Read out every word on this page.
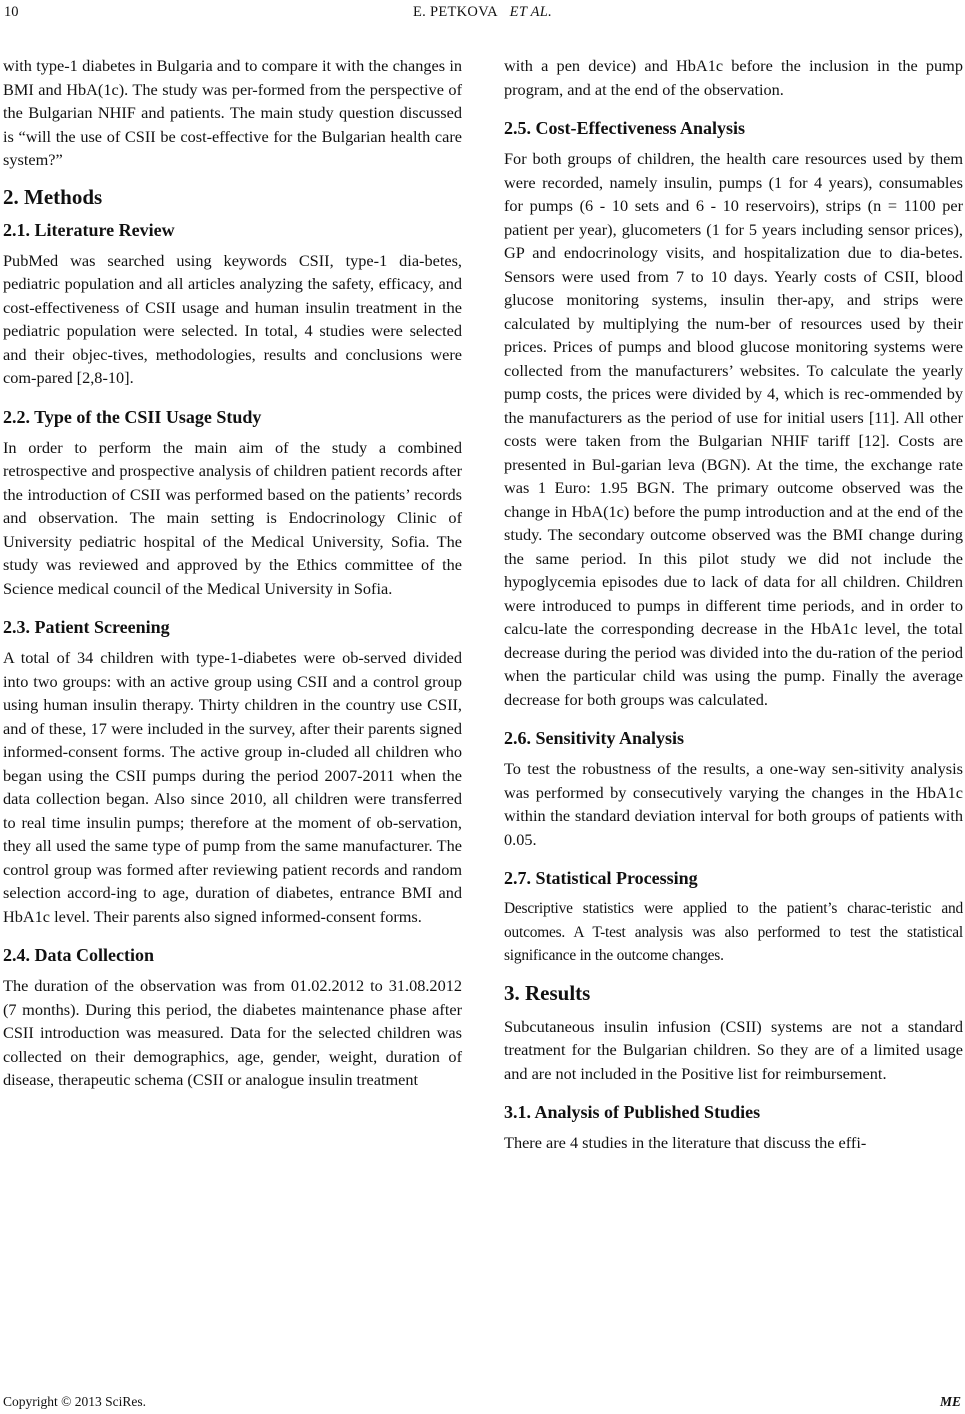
10	E. PETKOVA ET AL.

with type-1 diabetes in Bulgaria and to compare it with the changes in BMI and HbA(1c). The study was per-formed from the perspective of the Bulgarian NHIF and patients. The main study question discussed is “will the use of CSII be cost-effective for the Bulgarian health care system?”

2. Methods
2.1. Literature Review

PubMed was searched using keywords CSII, type-1 dia-betes, pediatric population and all articles analyzing the safety, efficacy, and cost-effectiveness of CSII usage and human insulin treatment in the pediatric population were selected. In total, 4 studies were selected and their objec-tives, methodologies, results and conclusions were com-pared [2,8-10].

2.2. Type of the CSII Usage Study

In order to perform the main aim of the study a combined retrospective and prospective analysis of children patient records after the introduction of CSII was performed based on the patients’ records and observation. The main setting is Endocrinology Clinic of University pediatric hospital of the Medical University, Sofia. The study was reviewed and approved by the Ethics committee of the Science medical council of the Medical University in Sofia.

2.3. Patient Screening

A total of 34 children with type-1-diabetes were ob-served divided into two groups: with an active group using CSII and a control group using human insulin therapy. Thirty children in the country use CSII, and of these, 17 were included in the survey, after their parents signed informed-consent forms. The active group in-cluded all children who began using the CSII pumps during the period 2007-2011 when the data collection began. Also since 2010, all children were transferred to real time insulin pumps; therefore at the moment of ob-servation, they all used the same type of pump from the same manufacturer. The control group was formed after reviewing patient records and random selection accord-ing to age, duration of diabetes, entrance BMI and HbA1c level. Their parents also signed informed-consent forms.

2.4. Data Collection

The duration of the observation was from 01.02.2012 to 31.08.2012 (7 months). During this period, the diabetes maintenance phase after CSII introduction was measured. Data for the selected children was collected on their demographics, age, gender, weight, duration of disease, therapeutic schema (CSII or analogue insulin treatment

with a pen device) and HbA1c before the inclusion in the pump program, and at the end of the observation.

2.5. Cost-Effectiveness Analysis

For both groups of children, the health care resources used by them were recorded, namely insulin, pumps (1 for 4 years), consumables for pumps (6 - 10 sets and 6 - 10 reservoirs), strips (n = 1100 per patient per year), glucometers (1 for 5 years including sensor prices), GP and endocrinology visits, and hospitalization due to dia-betes. Sensors were used from 7 to 10 days. Yearly costs of CSII, blood glucose monitoring systems, insulin ther-apy, and strips were calculated by multiplying the num-ber of resources used by their prices. Prices of pumps and blood glucose monitoring systems were collected from the manufacturers’ websites. To calculate the yearly pump costs, the prices were divided by 4, which is rec-ommended by the manufacturers as the period of use for initial users [11]. All other costs were taken from the Bulgarian NHIF tariff [12]. Costs are presented in Bul-garian leva (BGN). At the time, the exchange rate was 1 Euro: 1.95 BGN. The primary outcome observed was the change in HbA(1c) before the pump introduction and at the end of the study. The secondary outcome observed was the BMI change during the same period. In this pilot study we did not include the hypoglycemia episodes due to lack of data for all children. Children were introduced to pumps in different time periods, and in order to calcu-late the corresponding decrease in the HbA1c level, the total decrease during the period was divided into the du-ration of the period when the particular child was using the pump. Finally the average decrease for both groups was calculated.

2.6. Sensitivity Analysis

To test the robustness of the results, a one-way sen-sitivity analysis was performed by consecutively varying the changes in the HbA1c within the standard deviation interval for both groups of patients with 0.05.

2.7. Statistical Processing

Descriptive statistics were applied to the patient’s charac-teristic and outcomes. A T-test analysis was also performed to test the statistical significance in the outcome changes.

3. Results

Subcutaneous insulin infusion (CSII) systems are not a standard treatment for the Bulgarian children. So they are of a limited usage and are not included in the Positive list for reimbursement.

3.1. Analysis of Published Studies

There are 4 studies in the literature that discuss the effi-

Copyright © 2013 SciRes.	ME
